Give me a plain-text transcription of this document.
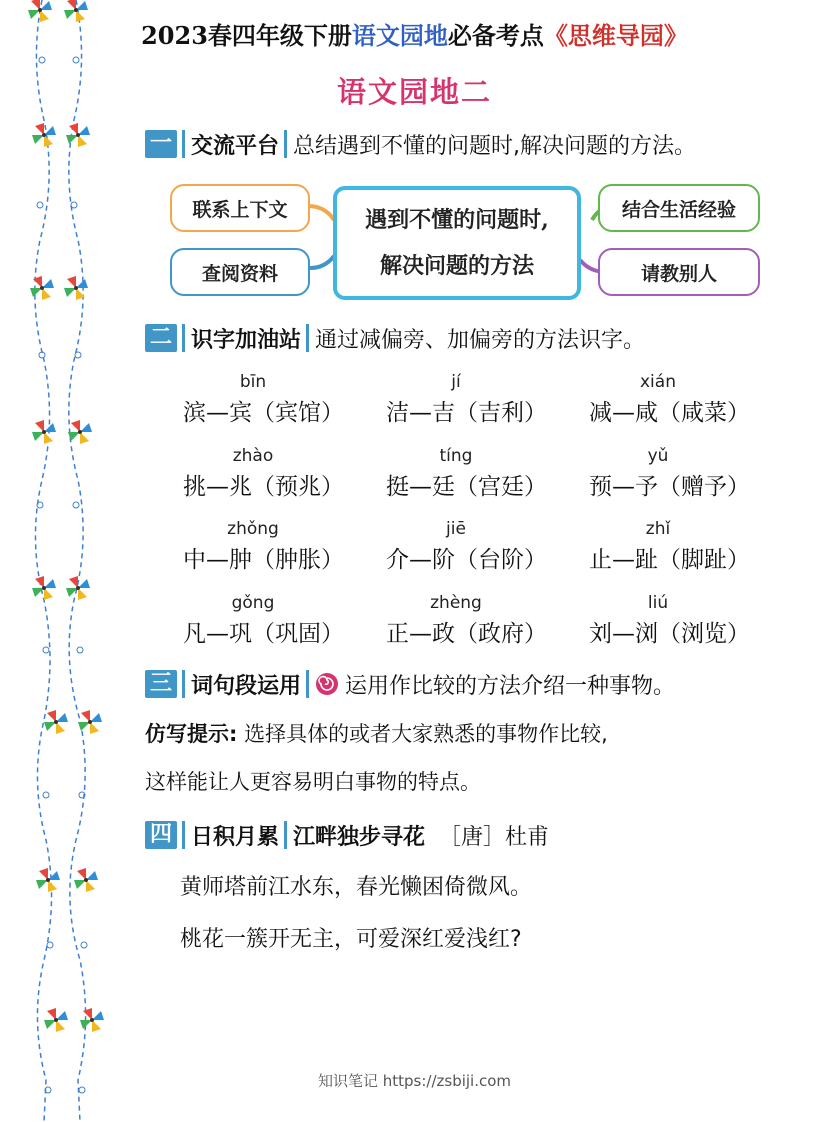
2023春四年级下册语文园地必备考点《思维导园》
语文园地二
一 交流平台 总结遇到不懂的问题时,解决问题的方法。
联系上下文
查阅资料
遇到不懂的问题时,
解决问题的方法
结合生活经验
请教别人
二 识字加油站 通过减偏旁、加偏旁的方法识字。
bīn	jí	xián
滨—宾（宾馆） 洁—吉（吉利） 减—咸（咸菜）
zhào	tíng	yǔ
挑—兆（预兆） 挺—廷（宫廷） 预—予（赠予）
zhǒng	jiē	zhǐ
中—肿（肿胀） 介—阶（台阶） 止—趾（脚趾）
gǒng	zhèng	liú
凡—巩（巩固） 正—政（政府） 刘—浏（浏览）
三 词句段运用 运用作比较的方法介绍一种事物。
仿写提示: 选择具体的或者大家熟悉的事物作比较,
这样能让人更容易明白事物的特点。
四 日积月累 江畔独步寻花 ［唐］杜甫
黄师塔前江水东，春光懒困倚微风。
桃花一簇开无主，可爱深红爱浅红?
知识笔记 https://zsbiji.com
